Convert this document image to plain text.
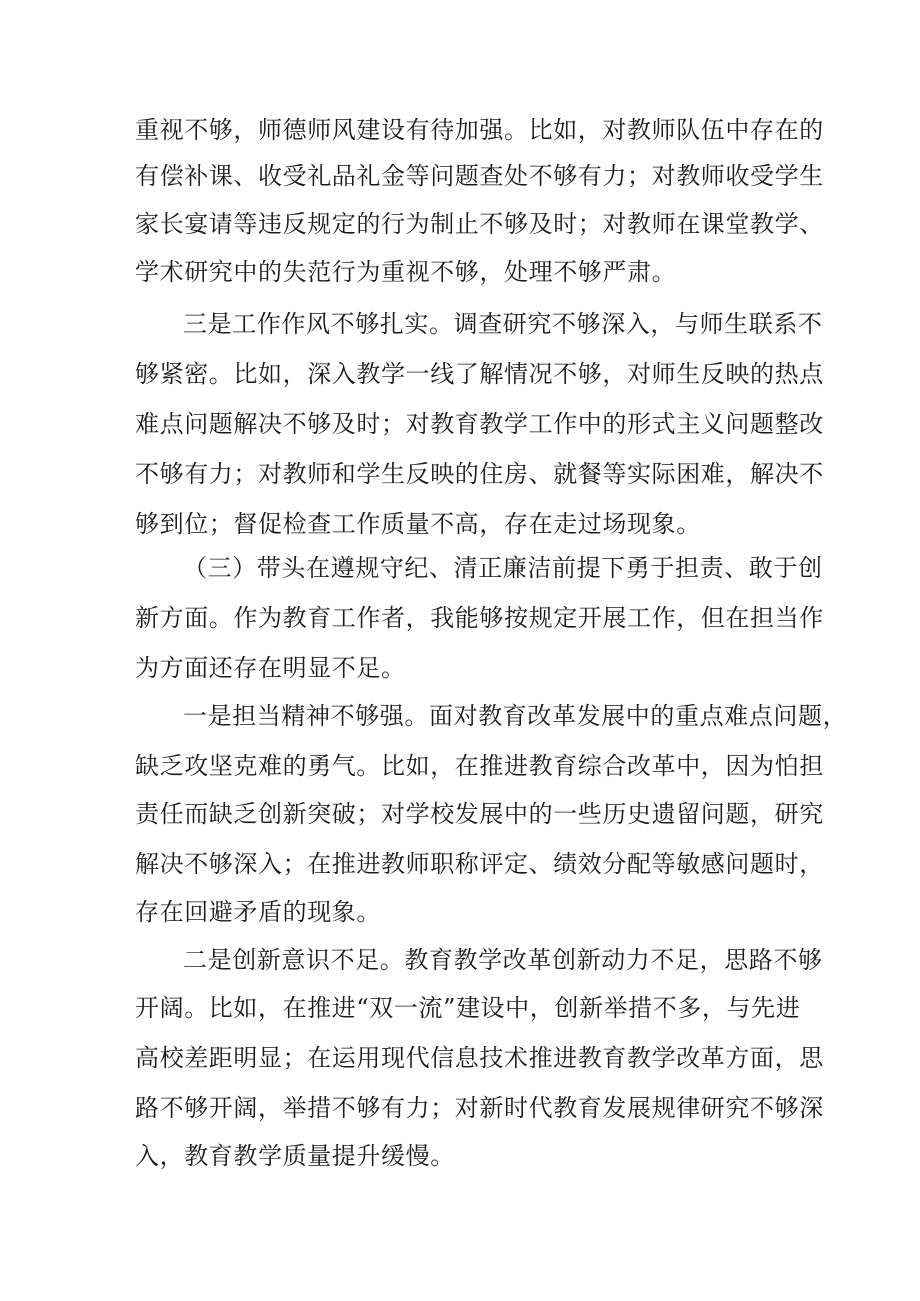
重视不够，师德师风建设有待加强。比如，对教师队伍中存在的
有偿补课、收受礼品礼金等问题查处不够有力；对教师收受学生
家长宴请等违反规定的行为制止不够及时；对教师在课堂教学、
学术研究中的失范行为重视不够，处理不够严肃。
三是工作作风不够扎实。调查研究不够深入，与师生联系不
够紧密。比如，深入教学一线了解情况不够，对师生反映的热点
难点问题解决不够及时；对教育教学工作中的形式主义问题整改
不够有力；对教师和学生反映的住房、就餐等实际困难，解决不
够到位；督促检查工作质量不高，存在走过场现象。
（三）带头在遵规守纪、清正廉洁前提下勇于担责、敢于创
新方面。作为教育工作者，我能够按规定开展工作，但在担当作
为方面还存在明显不足。
一是担当精神不够强。面对教育改革发展中的重点难点问题，
缺乏攻坚克难的勇气。比如，在推进教育综合改革中，因为怕担
责任而缺乏创新突破；对学校发展中的一些历史遗留问题，研究
解决不够深入；在推进教师职称评定、绩效分配等敏感问题时，
存在回避矛盾的现象。
二是创新意识不足。教育教学改革创新动力不足，思路不够
开阔。比如，在推进“双一流”建设中，创新举措不多，与先进
高校差距明显；在运用现代信息技术推进教育教学改革方面，思
路不够开阔，举措不够有力；对新时代教育发展规律研究不够深
入，教育教学质量提升缓慢。
